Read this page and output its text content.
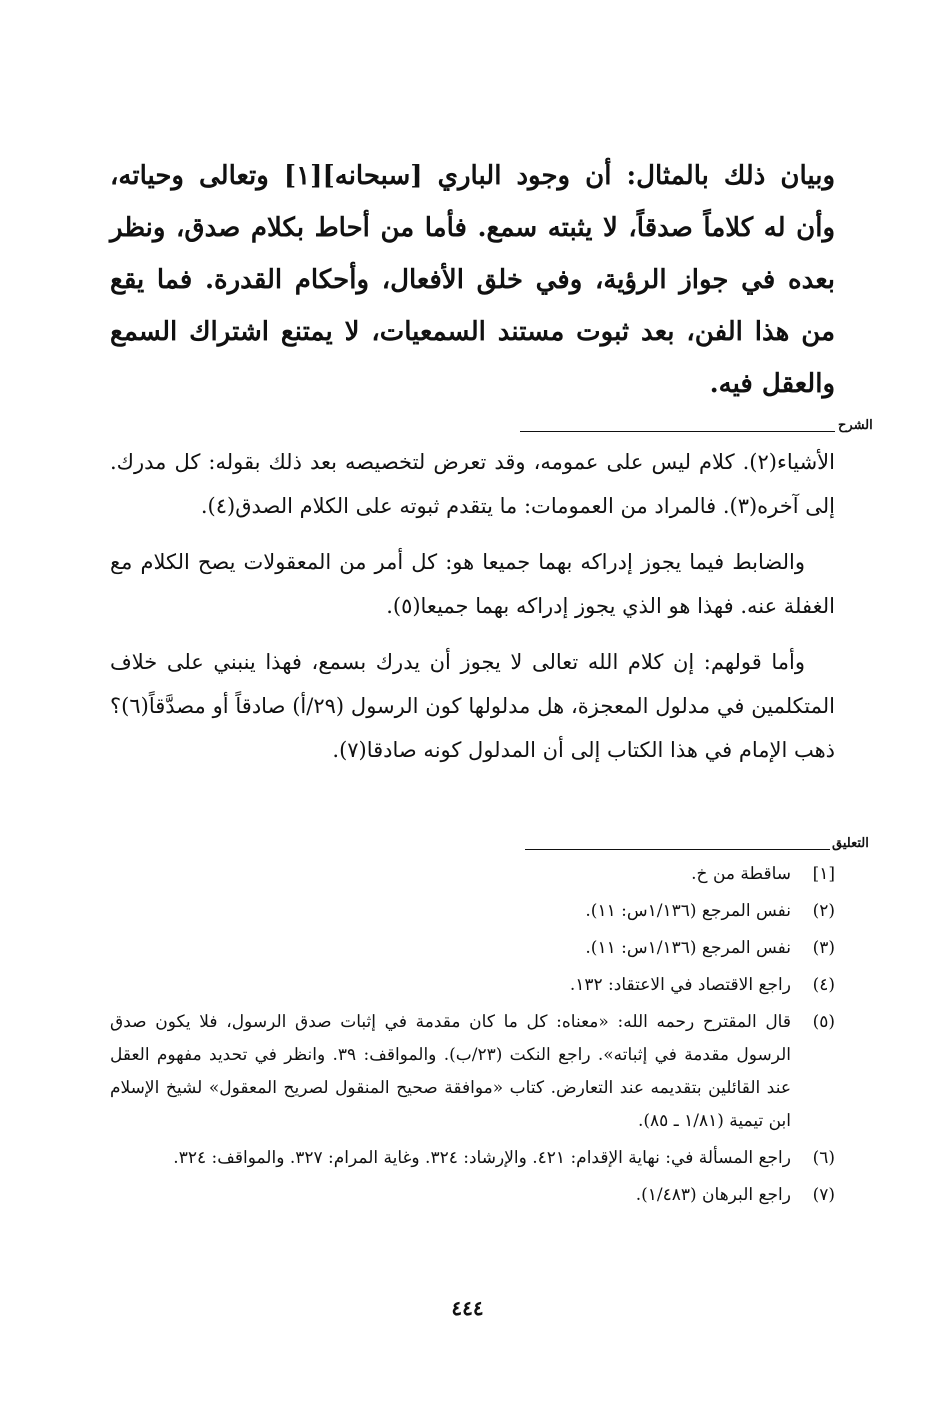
وبيان ذلك بالمثال: أن وجود الباري [سبحانه][١] وتعالى وحياته، وأن له كلاماً صدقاً، لا يثبته سمع. فأما من أحاط بكلام صدق، ونظر بعده في جواز الرؤية، وفي خلق الأفعال، وأحكام القدرة. فما يقع من هذا الفن، بعد ثبوت مستند السمعيات، لا يمتنع اشتراك السمع والعقل فيه.
الشرح

الأشياء(٢). كلام ليس على عمومه، وقد تعرض لتخصيصه بعد ذلك بقوله: كل مدرك. إلى آخره(٣). فالمراد من العمومات: ما يتقدم ثبوته على الكلام الصدق(٤).

والضابط فيما يجوز إدراكه بهما جميعا هو: كل أمر من المعقولات يصح الكلام مع الغفلة عنه. فهذا هو الذي يجوز إدراكه بهما جميعا(٥).

وأما قولهم: إن كلام الله تعالى لا يجوز أن يدرك بسمع، فهذا ينبني على خلاف المتكلمين في مدلول المعجزة، هل مدلولها كون الرسول (٢٩/أ) صادقاً أو مصدَّقاً(٦)؟ ذهب الإمام في هذا الكتاب إلى أن المدلول كونه صادقا(٧).

التعليق
[١]
ساقطة من خ.
(٢)
نفس المرجع (١/١٣٦س: ١١).
(٣)
نفس المرجع (١/١٣٦س: ١١).
(٤)
راجع الاقتصاد في الاعتقاد: ١٣٢.
(٥)
قال المقترح رحمه الله: «معناه: كل ما كان مقدمة في إثبات صدق الرسول، فلا يكون صدق الرسول مقدمة في إثباته». راجع النكت (٢٣/ب). والمواقف: ٣٩. وانظر في تحديد مفهوم العقل عند القائلين بتقديمه عند التعارض. كتاب «موافقة صحيح المنقول لصريح المعقول» لشيخ الإسلام ابن تيمية (١/٨١ ـ ٨٥).
(٦)
راجع المسألة في: نهاية الإقدام: ٤٢١. والإرشاد: ٣٢٤. وغاية المرام: ٣٢٧. والمواقف: ٣٢٤.
(٧)
راجع البرهان (١/٤٨٣).
٤٤٤
